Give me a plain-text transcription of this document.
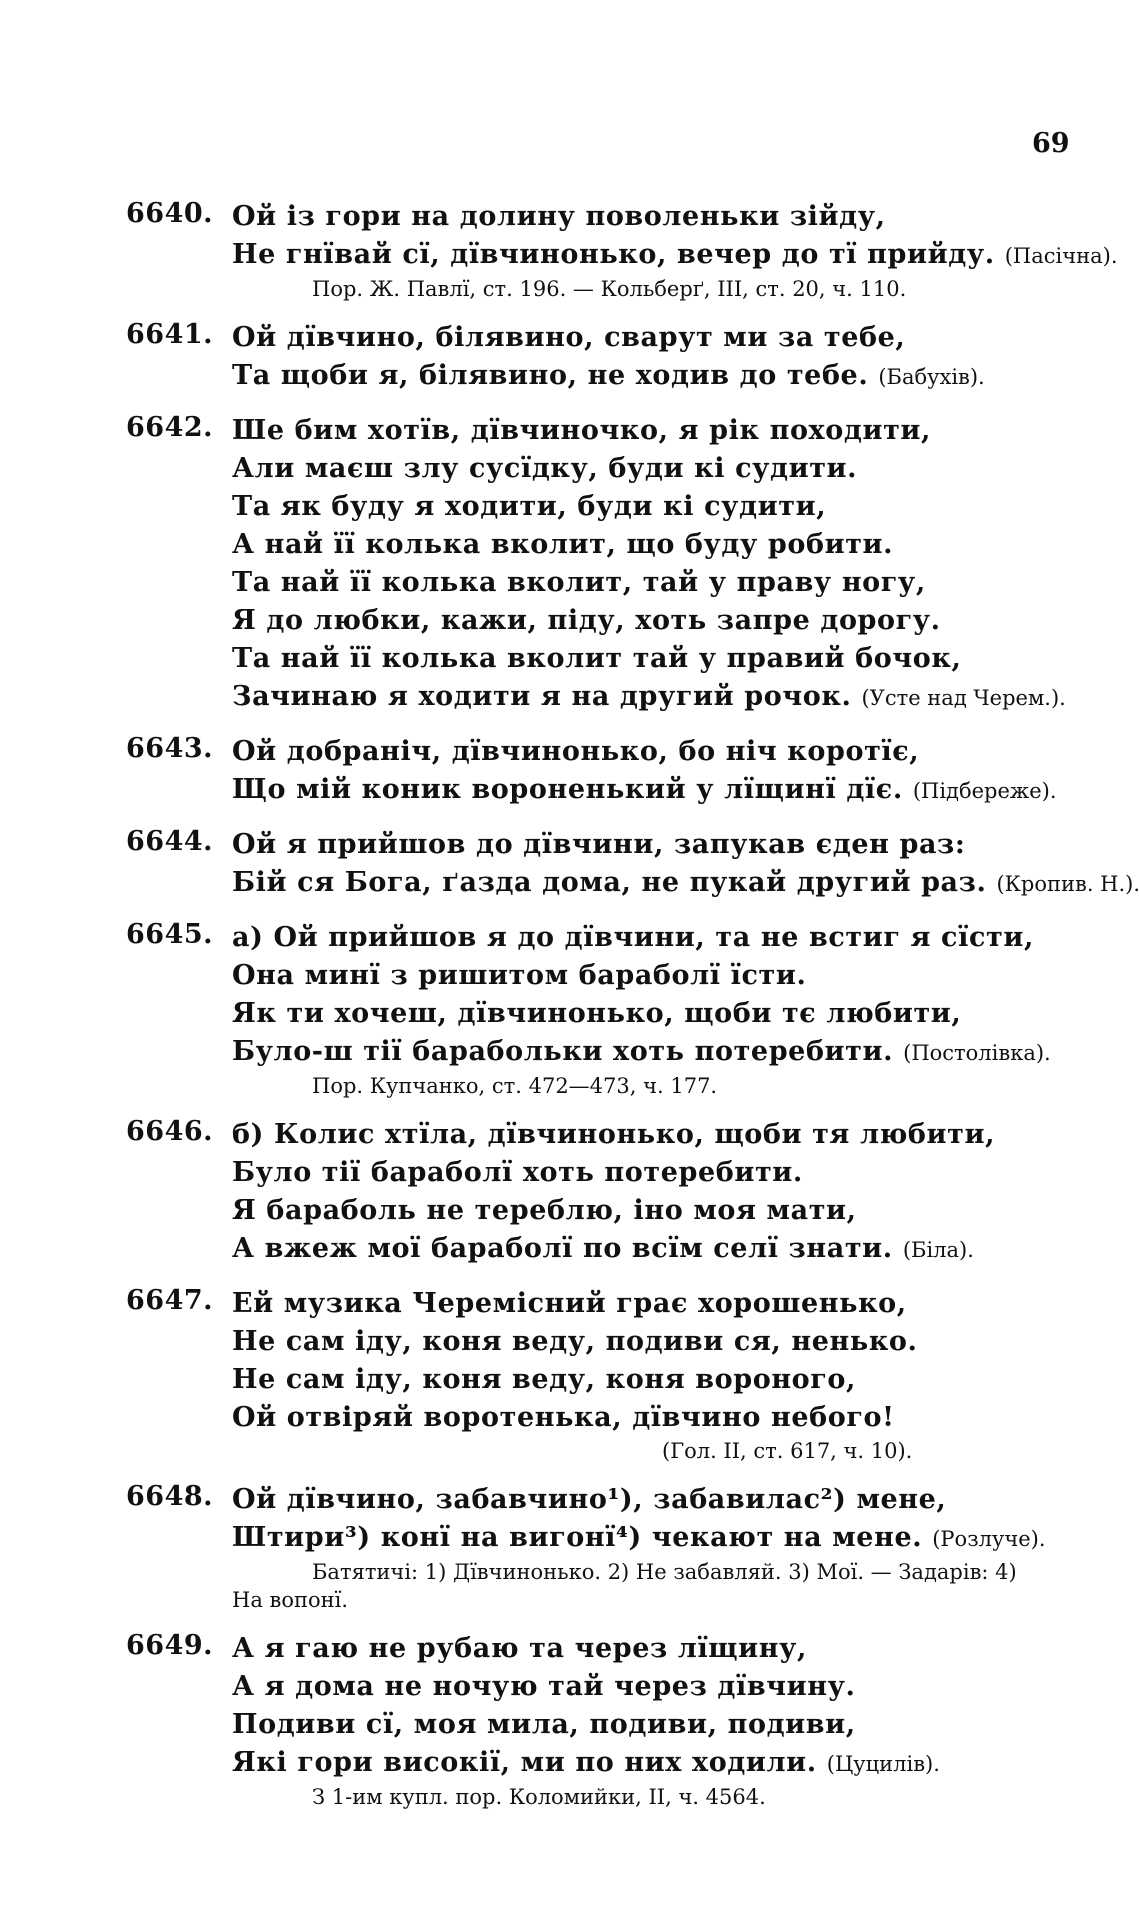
69
6640. Ой із гори на долину поволеньки зійду,
Не гнївай сї, дївчинонько, вечер до тї прийду. (Пасічна).
Пор. Ж. Павлї, ст. 196. — Кольберґ, III, ст. 20, ч. 110.
6641. Ой дївчино, білявино, сварут ми за тебе,
Та щоби я, білявино, не ходив до тебе. (Бабухів).
6642. Ше бим хотїв, дївчиночко, я рік походити,
Али маєш злу сусїдку, буди кі судити.
Та як буду я ходити, буди кі судити,
А най її колька вколит, що буду робити.
Та най її колька вколит, тай у праву ногу,
Я до любки, кажи, піду, хоть запре дорогу.
Та най її колька вколит тай у правий бочок,
Зачинаю я ходити я на другий рочок. (Усте над Черем.).
6643. Ой добраніч, дївчинонько, бо ніч коротїє,
Що мій коник вороненький у лїщинї дїє. (Підбереже).
6644. Ой я прийшов до дївчини, запукав єден раз:
Бій ся Бога, ґазда дома, не пукай другий раз. (Кропив. Н.).
6645. а) Ой прийшов я до дївчини, та не встиг я сїсти,
Она минї з ришитом бараболї їсти.
Як ти хочеш, дївчинонько, щоби тє любити,
Було-ш тії барабольки хоть потеребити. (Постолівка).
Пор. Купчанко, ст. 472—473, ч. 177.
6646. б) Колис хтїла, дївчинонько, щоби тя любити,
Було тії бараболї хоть потеребити.
Я бараболь не тереблю, іно моя мати,
А вжеж мої бараболї по всїм селї знати. (Біла).
6647. Ей музика Черемісний грає хорошенько,
Не сам іду, коня веду, подиви ся, ненько.
Не сам іду, коня веду, коня вороного,
Ой отвіряй воротенька, дївчино небого!
(Гол. II, ст. 617, ч. 10).
6648. Ой дївчино, забавчино¹), забавилас²) мене,
Штири³) конї на вигонї⁴) чекают на мене. (Розлуче).
Батятичі: 1) Дївчинонько. 2) Не забавляй. 3) Мої. — Задарів: 4)
На вопонї.
6649. А я гаю не рубаю та через лїщину,
А я дома не ночую тай через дївчину.
Подиви сї, моя мила, подиви, подиви,
Які гори високії, ми по них ходили. (Цуцилів).
З 1-им купл. пор. Коломийки, II, ч. 4564.
